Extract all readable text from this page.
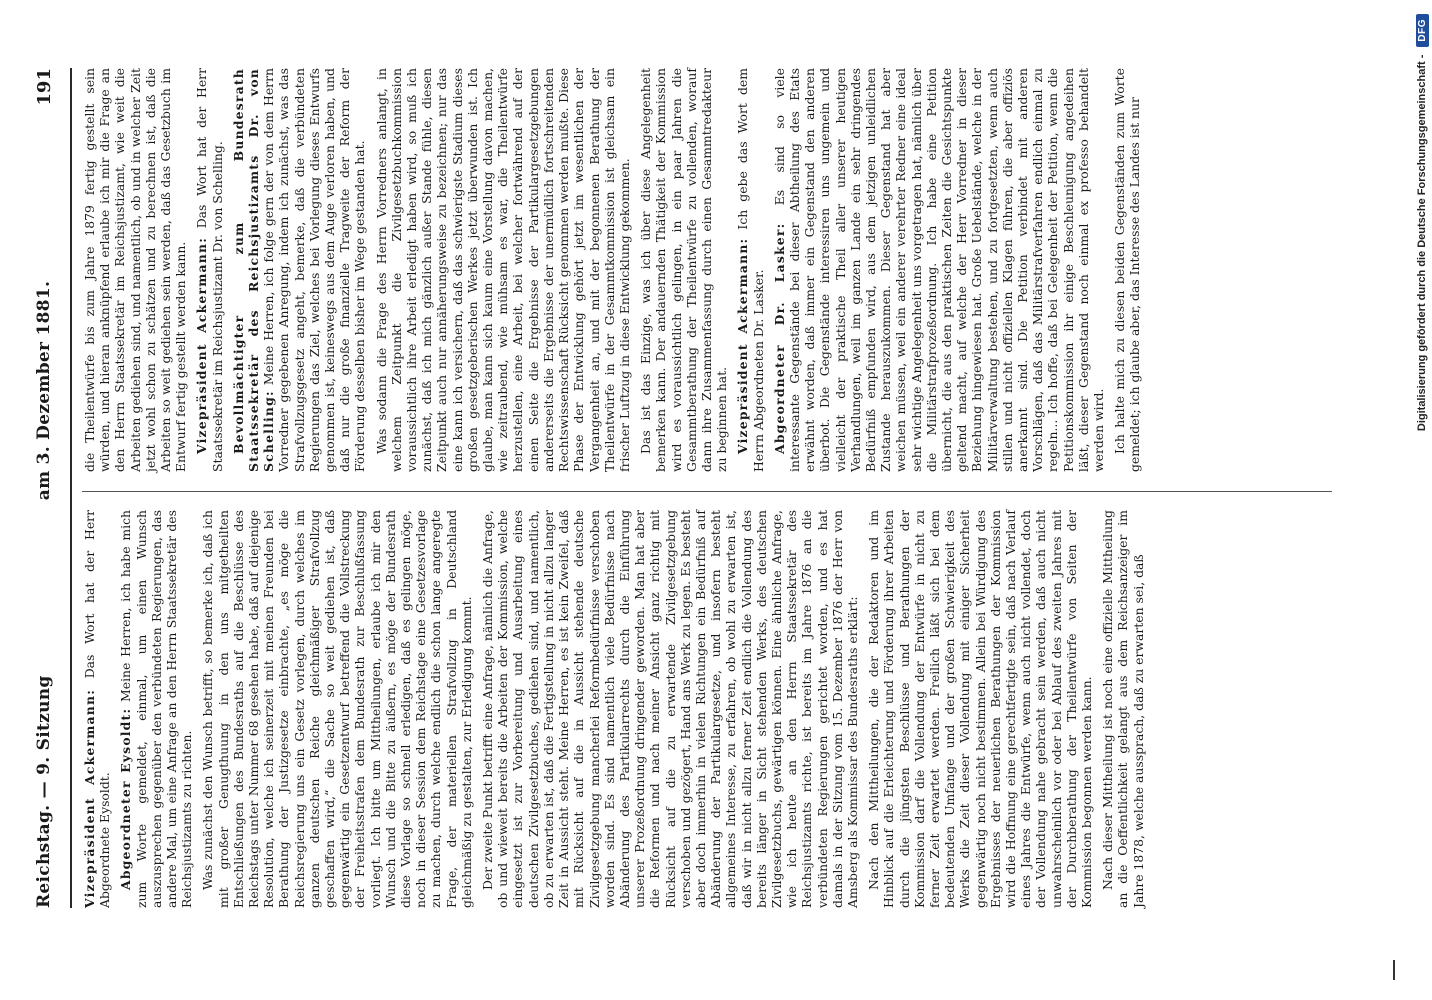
Reichstag. — 9. Sitzung
am 3. Dezember 1881.
191

Vizepräsident Ackermann: Das Wort hat der Herr Abgeordnete Eysoldt. Abgeordneter Eysoldt: Meine Herren, ich habe mich zum Worte gemeldet, einmal, um einen Wunsch auszusprechen gegenüber den verbündeten Regierungen, das andere Mal, um eine Anfrage an den Herrn Staatssekretär des Reichsjustizamts zu richten. Was zunächst den Wunsch betrifft, so bemerke ich, daß ich mit großer Genugthuung in den uns mitgetheilten Entschließungen des Bundesraths auf die Beschlüsse des Reichstags unter Nummer 68 gesehen habe, daß auf diejenige Resolution, welche ich seinerzeit mit meinen Freunden bei Berathung der Justizgesetze einbrachte, „es möge die Reichsregierung uns ein Gesetz vorlegen, durch welches im ganzen deutschen Reiche gleichmäßiger Strafvollzug geschaffen wird,“ die Sache so weit gediehen ist, daß gegenwärtig ein Gesetzentwurf betreffend die Vollstreckung der Freiheitsstrafen dem Bundesrath zur Beschlußfassung vorliegt. Ich bitte um Mittheilungen, erlaube ich mir den Wunsch und die Bitte zu äußern, es möge der Bundesrath diese Vorlage so schnell erledigen, daß es gelingen möge, noch in dieser Session dem Reichstage eine Gesetzesvorlage zu machen, durch welche endlich die schon lange angeregte Frage, der materiellen Strafvollzug in Deutschland gleichmäßig zu gestalten, zur Erledigung kommt. Der zweite Punkt betrifft eine Anfrage, nämlich die Anfrage, ob und wieweit bereits die Arbeiten der Kommission, welche eingesetzt ist zur Vorbereitung und Ausarbeitung eines deutschen Zivilgesetzbuches, gediehen sind, und namentlich, ob zu erwarten ist, daß die Fertigstellung in nicht allzu langer Zeit in Aussicht steht. Meine Herren, es ist kein Zweifel, daß mit Rücksicht auf die in Aussicht stehende deutsche Zivilgesetzgebung mancherlei Reformbedürfnisse verschoben worden sind. Es sind namentlich viele Bedürfnisse nach Abänderung des Partikularrechts durch die Einführung unserer Prozeßordnung dringender geworden. Man hat aber die Reformen und nach meiner Ansicht ganz richtig mit Rücksicht auf die zu erwartende Zivilgesetzgebung verschoben und gezögert, Hand ans Werk zu legen. Es besteht aber doch immerhin in vielen Richtungen ein Bedürfniß auf Abänderung der Partikulargesetze, und insofern besteht allgemeines Interesse, zu erfahren, ob wohl zu erwarten ist, daß wir in nicht allzu ferner Zeit endlich die Vollendung des bereits länger in Sicht stehenden Werks, des deutschen Zivilgesetzbuchs, gewärtigen können. Eine ähnliche Anfrage, wie ich heute an den Herrn Staatssekretär des Reichsjustizamts richte, ist bereits im Jahre 1876 an die verbündeten Regierungen gerichtet worden, und es hat damals in der Sitzung vom 15. Dezember 1876 der Herr von Amsberg als Kommissar des Bundesraths erklärt: Nach den Mittheilungen, die der Redaktoren und im Hinblick auf die Erleichterung und Förderung ihrer Arbeiten durch die jüngsten Beschlüsse und Berathungen der Kommission darf die Vollendung der Entwürfe in nicht zu ferner Zeit erwartet werden. Freilich läßt sich bei dem bedeutenden Umfange und der großen Schwierigkeit des Werks die Zeit dieser Vollendung mit einiger Sicherheit gegenwärtig noch nicht bestimmen. Allein bei Würdigung des Ergebnisses der neuerlichen Berathungen der Kommission wird die Hoffnung eine gerechtfertigte sein, daß nach Verlauf eines Jahres die Entwürfe, wenn auch nicht vollendet, doch der Vollendung nahe gebracht sein werden, daß auch nicht unwahrscheinlich vor oder bei Ablauf des zweiten Jahres mit der Durchberathung der Theilentwürfe von Seiten der Kommission begonnen werden kann. Nach dieser Mittheilung ist noch eine offizielle Mittheilung an die Oeffentlichkeit gelangt aus dem Reichsanzeiger im Jahre 1878, welche aussprach, daß zu erwarten sei, daß

die Theilentwürfe bis zum Jahre 1879 fertig gestellt sein würden, und hieran anknüpfend erlaube ich mir die Frage an den Herrn Staatssekretär im Reichsjustizamt, wie weit die Arbeiten gediehen sind, und namentlich, ob und in welcher Zeit jetzt wohl schon zu schätzen und zu berechnen ist, daß die Arbeiten so weit gediehen sein werden, daß das Gesetzbuch im Entwurf fertig gestellt werden kann. Vizepräsident Ackermann: Das Wort hat der Herr Staatssekretär im Reichsjustizamt Dr. von Schelling. Bevollmächtigter zum Bundesrath Staatssekretär des Reichsjustizamts Dr. von Schelling: Meine Herren, ich folge gern der von dem Herrn Vorredner gegebenen Anregung, indem ich zunächst, was das Strafvollzugsgesetz angeht, bemerke, daß die verbündeten Regierungen das Ziel, welches bei Vorlegung dieses Entwurfs genommen ist, keineswegs aus dem Auge verloren haben, und daß nur die große finanzielle Tragweite der Reform der Förderung desselben bisher im Wege gestanden hat. Was sodann die Frage des Herrn Vorredners anlangt, in welchem Zeitpunkt die Zivilgesetzbuchkommission voraussichtlich ihre Arbeit erledigt haben wird, so muß ich zunächst, daß ich mich gänzlich außer Stande fühle, diesen Zeitpunkt auch nur annäherungsweise zu bezeichnen; nur das eine kann ich versichern, daß das schwierigste Stadium dieses großen gesetzgeberischen Werkes jetzt überwunden ist. Ich glaube, man kann sich kaum eine Vorstellung davon machen, wie zeitraubend, wie mühsam es war, die Theilentwürfe herzustellen, eine Arbeit, bei welcher fortwährend auf der einen Seite die Ergebnisse der Partikulargesetzgebungen andererseits die Ergebnisse der unermüdlich fortschreitenden Rechtswissenschaft Rücksicht genommen werden mußte. Diese Phase der Entwicklung gehört jetzt im wesentlichen der Vergangenheit an, und mit der begonnenen Berathung der Theilentwürfe in der Gesammtkommission ist gleichsam ein frischer Luftzug in diese Entwicklung gekommen. Das ist das Einzige, was ich über diese Angelegenheit bemerken kann. Der andauernden Thätigkeit der Kommission wird es voraussichtlich gelingen, in ein paar Jahren die Gesammtberathung der Theilentwürfe zu vollenden, worauf dann ihre Zusammenfassung durch einen Gesammtredakteur zu beginnen hat. Vizepräsident Ackermann: Ich gebe das Wort dem Herrn Abgeordneten Dr. Lasker. Abgeordneter Dr. Lasker: Es sind so viele interessante Gegenstände bei dieser Abtheilung des Etats erwähnt worden, daß immer ein Gegenstand den anderen überbot. Die Gegenstände interessiren uns ungemein und vielleicht der praktische Theil aller unserer heutigen Verhandlungen, weil im ganzen Lande ein sehr dringendes Bedürfniß empfunden wird, aus dem jetzigen unleidlichen Zustande herauszukommen. Dieser Gegenstand hat aber weichen müssen, weil ein anderer verehrter Redner eine ideal sehr wichtige Angelegenheit uns vorgetragen hat, nämlich über die Militärstrafprozeßordnung. Ich habe eine Petition übernicht, die aus den praktischen Zeiten die Gesichtspunkte geltend macht, auf welche der Herr Vorredner in dieser Beziehung hingewiesen hat. Große Uebelstände, welche in der Militärverwaltung bestehen, und zu fortgesetzten, wenn auch stillen und nicht offiziellen Klagen führen, die aber offiziös anerkannt sind. Die Petition verbindet mit anderen Vorschlägen, daß das Militärstrafverfahren endlich einmal zu regeln... Ich hoffe, daß bei Gelegenheit der Petition, wenn die Petitionskommission ihr einige Beschleunigung angedeihen läßt, dieser Gegenstand noch einmal ex professo behandelt werden wird. Ich halte mich zu diesen beiden Gegenständen zum Worte gemeldet; ich glaube aber, das Interesse des Landes ist nur	Digitalisierung gefördert durch die Deutsche Forschungsgemeinschaft -
DFG
